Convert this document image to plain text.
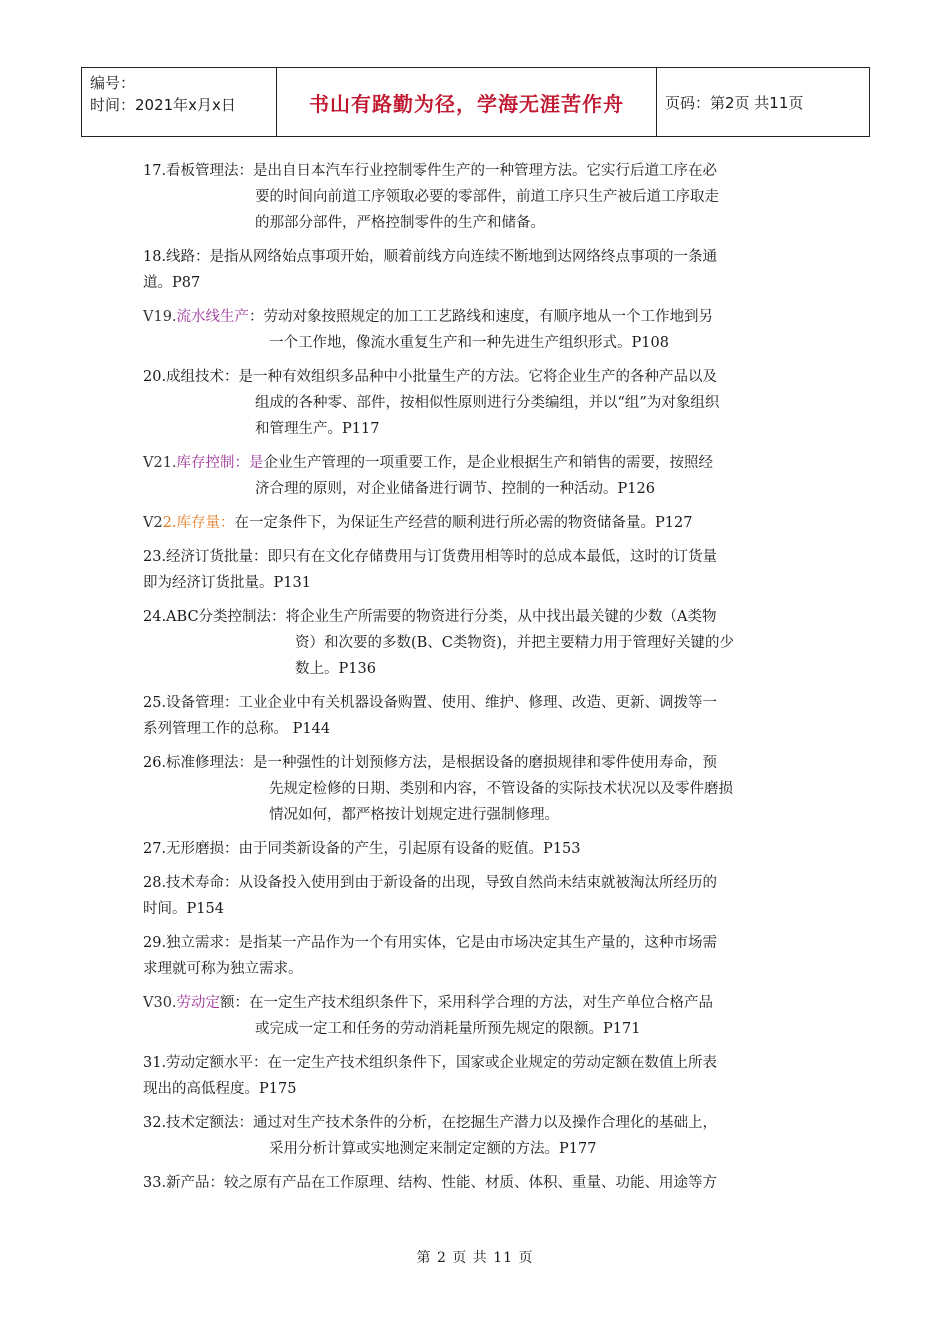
编号：
时间：2021年x月x日	书山有路勤为径，学海无涯苦作舟	页码：第2页 共11页
17.看板管理法：是出自日本汽车行业控制零件生产的一种管理方法。它实行后道工序在必
要的时间向前道工序领取必要的零部件，前道工序只生产被后道工序取走
的那部分部件，严格控制零件的生产和储备。
18.线路：是指从网络始点事项开始，顺着前线方向连续不断地到达网络终点事项的一条通
道。P87
V19.流水线生产：劳动对象按照规定的加工工艺路线和速度，有顺序地从一个工作地到另
一个工作地，像流水重复生产和一种先进生产组织形式。P108
20.成组技术：是一种有效组织多品种中小批量生产的方法。它将企业生产的各种产品以及
组成的各种零、部件，按相似性原则进行分类编组，并以“组”为对象组织
和管理生产。P117
V21.库存控制：是企业生产管理的一项重要工作，是企业根据生产和销售的需要，按照经
济合理的原则，对企业储备进行调节、控制的一种活动。P126
V22.库存量：在一定条件下，为保证生产经营的顺利进行所必需的物资储备量。P127
23.经济订货批量：即只有在文化存储费用与订货费用相等时的总成本最低，这时的订货量
即为经济订货批量。P131
24.ABC分类控制法：将企业生产所需要的物资进行分类，从中找出最关键的少数（A类物
资）和次要的多数(B、C类物资)，并把主要精力用于管理好关键的少
数上。P136
25.设备管理：工业企业中有关机器设备购置、使用、维护、修理、改造、更新、调拨等一
系列管理工作的总称。 P144
26.标准修理法：是一种强性的计划预修方法，是根据设备的磨损规律和零件使用寿命，预
先规定检修的日期、类别和内容，不管设备的实际技术状况以及零件磨损
情况如何，都严格按计划规定进行强制修理。
27.无形磨损：由于同类新设备的产生，引起原有设备的贬值。P153
28.技术寿命：从设备投入使用到由于新设备的出现，导致自然尚未结束就被淘汰所经历的
时间。P154
29.独立需求：是指某一产品作为一个有用实体，它是由市场决定其生产量的，这种市场需
求理就可称为独立需求。
V30.劳动定额：在一定生产技术组织条件下，采用科学合理的方法，对生产单位合格产品
或完成一定工和任务的劳动消耗量所预先规定的限额。P171
31.劳动定额水平：在一定生产技术组织条件下，国家或企业规定的劳动定额在数值上所表
现出的高低程度。P175
32.技术定额法：通过对生产技术条件的分析，在挖掘生产潜力以及操作合理化的基础上，
采用分析计算或实地测定来制定定额的方法。P177
33.新产品：较之原有产品在工作原理、结构、性能、材质、体积、重量、功能、用途等方
第 2 页 共 11 页
